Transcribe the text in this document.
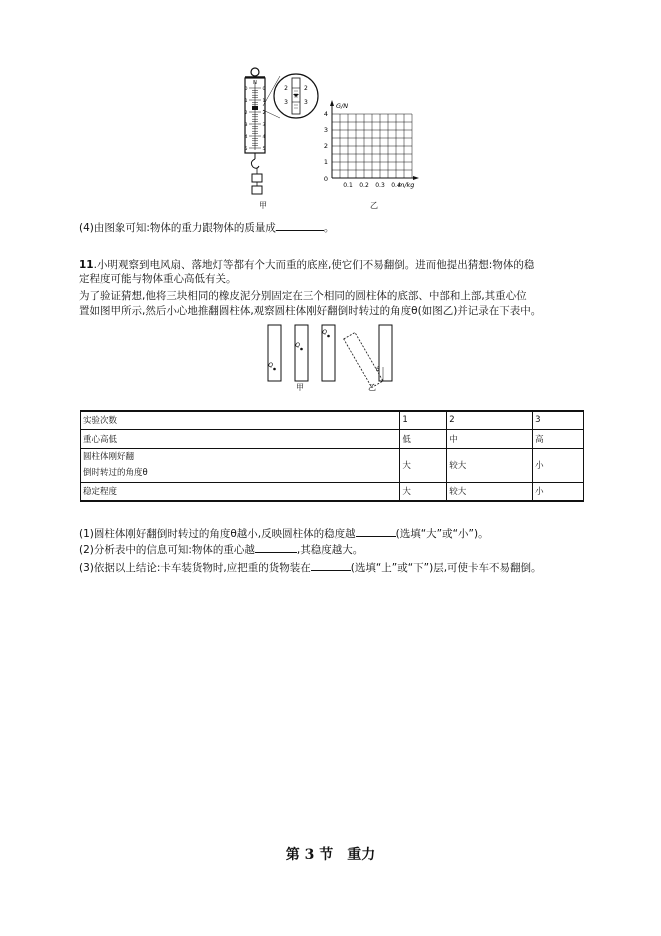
0	0
1	1
2	2
3	3
4	4
5	5
N
2
3
2
3	G/N
m/kg
0
1
2
3
4
0.1 0.2 0.3 0.4
甲	乙
(4)由图象可知:物体的重力跟物体的质量成	。
11.小明观察到电风扇、落地灯等都有个大而重的底座,使它们不易翻倒。进而他提出猜想:物体的稳
定程度可能与物体重心高低有关。
为了验证猜想,他将三块相同的橡皮泥分别固定在三个相同的圆柱体的底部、中部和上部,其重心位
置如图甲所示,然后小心地推翻圆柱体,观察圆柱体刚好翻倒时转过的角度θ(如图乙)并记录在下表中。
Q
Q
Q
θ
甲	乙
实验次数	1	2	3
重心高低	低	中	高
圆柱体刚好翻
倒时转过的角度θ	大	较大	小
稳定程度	大	较大	小
(1)圆柱体刚好翻倒时转过的角度θ越小,反映圆柱体的稳度越	(选填“大”或“小”)。
(2)分析表中的信息可知:物体的重心越	,其稳度越大。
(3)依据以上结论:卡车装货物时,应把重的货物装在	(选填“上”或“下”)层,可使卡车不易翻倒。
第 3 节　重力
